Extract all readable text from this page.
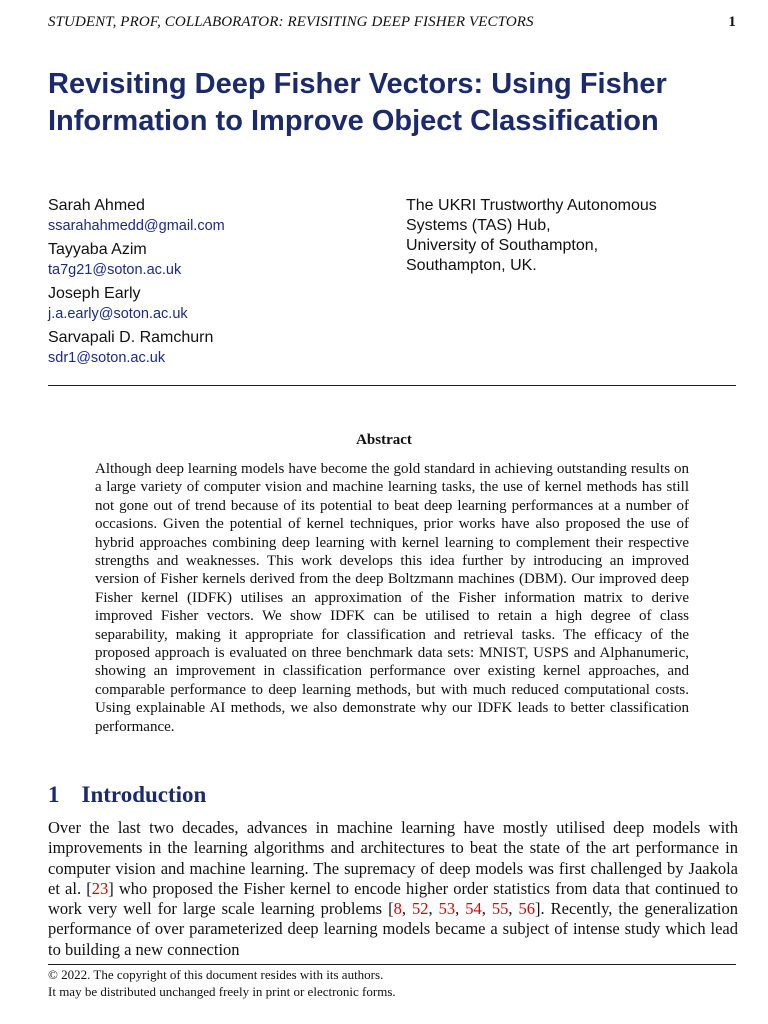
STUDENT, PROF, COLLABORATOR: REVISITING DEEP FISHER VECTORS	1
Revisiting Deep Fisher Vectors: Using Fisher Information to Improve Object Classification
Sarah Ahmed
ssarahahmedd@gmail.com
Tayyaba Azim
ta7g21@soton.ac.uk
Joseph Early
j.a.early@soton.ac.uk
Sarvapali D. Ramchurn
sdr1@soton.ac.uk
The UKRI Trustworthy Autonomous
Systems (TAS) Hub,
University of Southampton,
Southampton, UK.
Abstract
Although deep learning models have become the gold standard in achieving outstanding results on a large variety of computer vision and machine learning tasks, the use of kernel methods has still not gone out of trend because of its potential to beat deep learning performances at a number of occasions. Given the potential of kernel techniques, prior works have also proposed the use of hybrid approaches combining deep learning with kernel learning to complement their respective strengths and weaknesses. This work develops this idea further by introducing an improved version of Fisher kernels derived from the deep Boltzmann machines (DBM). Our improved deep Fisher kernel (IDFK) utilises an approximation of the Fisher information matrix to derive improved Fisher vectors. We show IDFK can be utilised to retain a high degree of class separability, making it appropriate for classification and retrieval tasks. The efficacy of the proposed approach is evaluated on three benchmark data sets: MNIST, USPS and Alphanumeric, showing an improvement in classification performance over existing kernel approaches, and comparable performance to deep learning methods, but with much reduced computational costs. Using explainable AI methods, we also demonstrate why our IDFK leads to better classification performance.
1 Introduction
Over the last two decades, advances in machine learning have mostly utilised deep models with improvements in the learning algorithms and architectures to beat the state of the art performance in computer vision and machine learning. The supremacy of deep models was first challenged by Jaakola et al. [23] who proposed the Fisher kernel to encode higher order statistics from data that continued to work very well for large scale learning problems [8, 52, 53, 54, 55, 56]. Recently, the generalization performance of over parameterized deep learning models became a subject of intense study which lead to building a new connection
© 2022. The copyright of this document resides with its authors.
It may be distributed unchanged freely in print or electronic forms.
